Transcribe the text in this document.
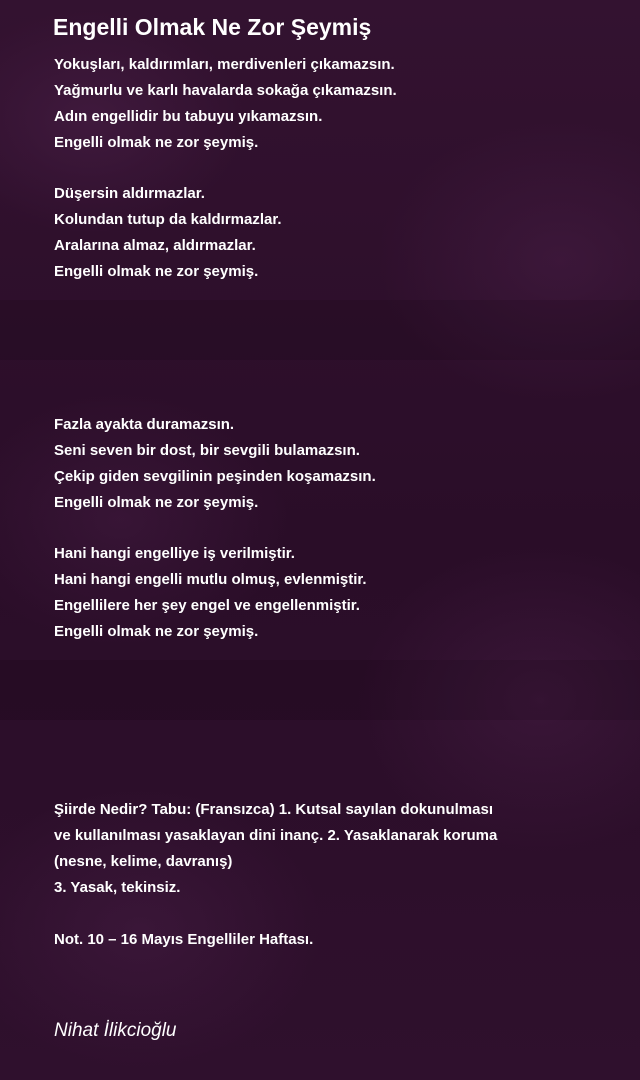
Engelli Olmak Ne Zor Şeymiş
Yokuşları, kaldırımları, merdivenleri çıkamazsın.
Yağmurlu ve karlı havalarda sokağa çıkamazsın.
Adın engellidir bu tabuyu yıkamazsın.
Engelli olmak ne zor şeymiş.
Düşersin aldırmazlar.
Kolundan tutup da kaldırmazlar.
Aralarına almaz, aldırmazlar.
Engelli olmak ne zor şeymiş.
Fazla ayakta duramazsın.
Seni seven bir dost, bir sevgili bulamazsın.
Çekip giden sevgilinin peşinden koşamazsın.
Engelli olmak ne zor şeymiş.
Hani hangi engelliye iş verilmiştir.
Hani hangi engelli mutlu olmuş, evlenmiştir.
Engellilere her şey engel ve engellenmiştir.
Engelli olmak ne zor şeymiş.
Şiirde Nedir? Tabu: (Fransızca) 1. Kutsal sayılan dokunulması
ve kullanılması yasaklayan dini inanç. 2. Yasaklanarak koruma
(nesne, kelime, davranış)
3. Yasak, tekinsiz.
Not. 10 – 16 Mayıs Engelliler Haftası.

Nihat İlikcioğlu
